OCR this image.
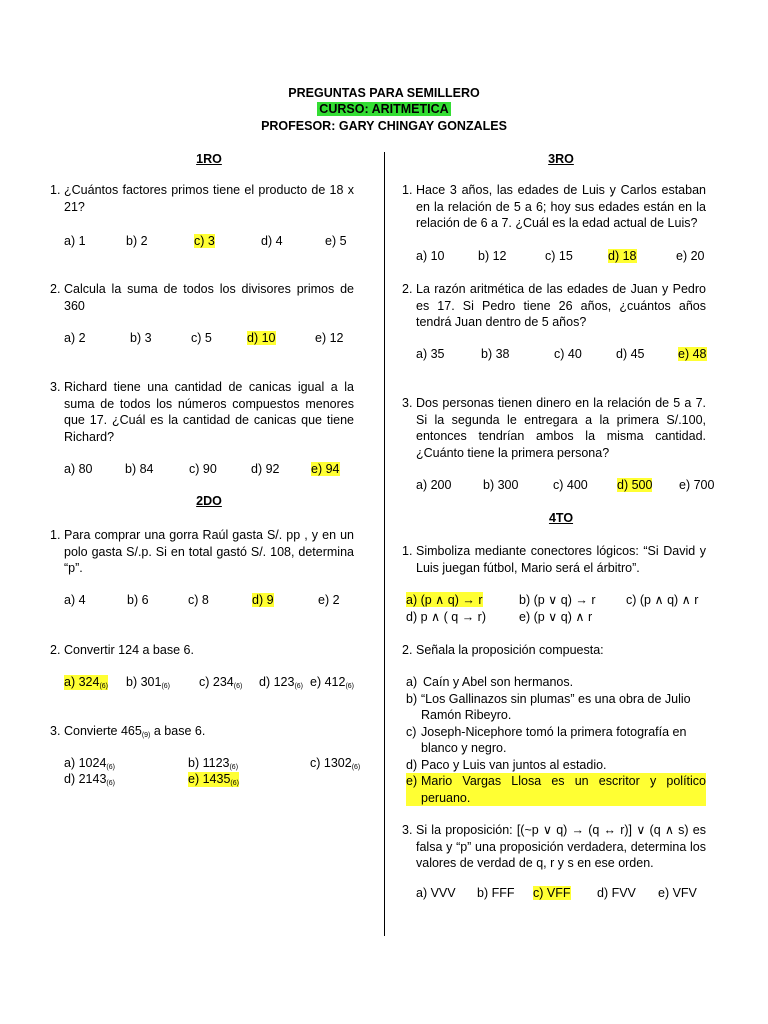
PREGUNTAS PARA SEMILLERO
CURSO: ARITMETICA
PROFESOR: GARY CHINGAY GONZALES
1RO
1. ¿Cuántos factores primos tiene el producto de 18 x 21?
a) 1	b) 2	c) 3	d) 4	e) 5
2. Calcula la suma de todos los divisores primos de 360
a) 2	b) 3	c) 5	d) 10	e) 12
3. Richard tiene una cantidad de canicas igual a la suma de todos los números compuestos menores que 17. ¿Cuál es la cantidad de canicas que tiene Richard?
a) 80	b) 84	c) 90	d) 92	e) 94
2DO
1. Para comprar una gorra Raúl gasta S/. pp , y en un polo gasta S/.p. Si en total gastó S/. 108, determina “p”.
a) 4	b) 6	c) 8	d) 9	e) 2
2. Convertir 124 a base 6.
a) $324_{(6)}$ b) $301_{(6)}$ c) $234_{(6)}$ d) $123_{(6)}$ e) $412_{(6)}$
3. Convierte $465_{(9)}$ a base 6.
a) $1024_{(6)}$	b) $1123_{(6)}$	c) $1302_{(6)}$
d) $2143_{(6)}$	e) $1435_{(6)}$
3RO
1. Hace 3 años, las edades de Luis y Carlos estaban en la relación de 5 a 6; hoy sus edades están en la relación de 6 a 7. ¿Cuál es la edad actual de Luis?
a) 10	b) 12	c) 15	d) 18	e) 20
2. La razón aritmética de las edades de Juan y Pedro es 17. Si Pedro tiene 26 años, ¿cuántos años tendrá Juan dentro de 5 años?
a) 35	b) 38	c) 40	d) 45	e) 48
3. Dos personas tienen dinero en la relación de 5 a 7. Si la segunda le entregara a la primera S/.100, entonces tendrían ambos la misma cantidad. ¿Cuánto tiene la primera persona?
a) 200	b) 300	c) 400 d) 500 e) 700
4TO
1. Simboliza mediante conectores lógicos: “Si David y Luis juegan fútbol, Mario será el árbitro”.
a) (p ∧ q) → r	b) (p ∨ q) → r c) (p ∧ q) ∧ r
d) p ∧ ( q → r)	e) (p ∨ q) ∧ r
2. Señala la proposición compuesta:
a) Caín y Abel son hermanos.
b) “Los Gallinazos sin plumas” es una obra de Julio Ramón Ribeyro.
c) Joseph-Nicephore tomó la primera fotografía en blanco y negro.
d) Paco y Luis van juntos al estadio.
e) Mario Vargas Llosa es un escritor y político peruano.
3. Si la proposición: [(~p ∨ q) → (q ↔ r)] ∨ (q ∧ s) es falsa y “p” una proposición verdadera, determina los valores de verdad de q, r y s en ese orden.
a) VVV b) FFF c) VFF d) FVV e) VFV
